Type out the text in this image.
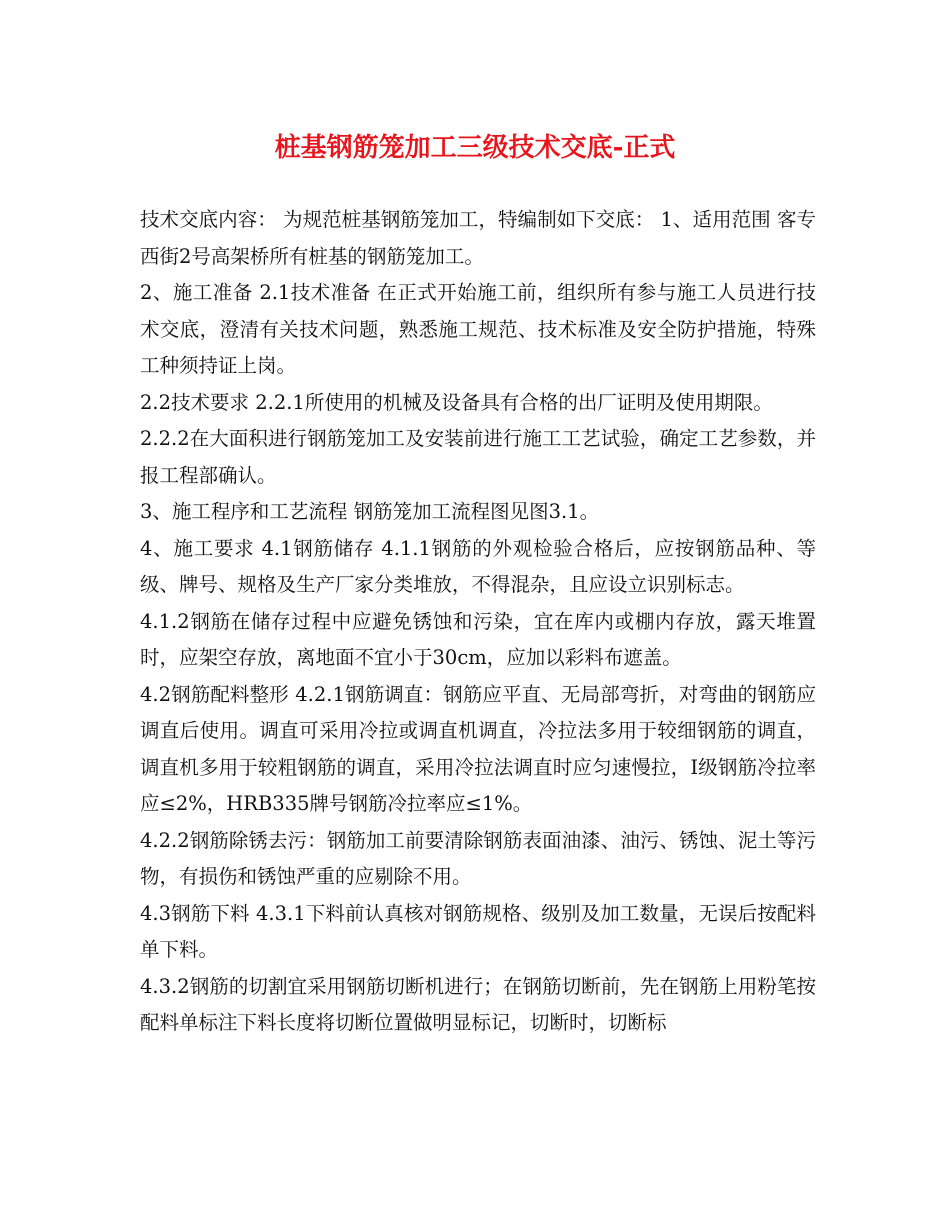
桩基钢筋笼加工三级技术交底-正式

技术交底内容： 为规范桩基钢筋笼加工，特编制如下交底： 1、适用范围 客专西街2号高架桥所有桩基的钢筋笼加工。

2、施工准备 2.1技术准备 在正式开始施工前，组织所有参与施工人员进行技术交底，澄清有关技术问题，熟悉施工规范、技术标准及安全防护措施，特殊工种须持证上岗。

2.2技术要求 2.2.1所使用的机械及设备具有合格的出厂证明及使用期限。

2.2.2在大面积进行钢筋笼加工及安装前进行施工工艺试验，确定工艺参数，并报工程部确认。

3、施工程序和工艺流程 钢筋笼加工流程图见图3.1。

4、施工要求 4.1钢筋储存 4.1.1钢筋的外观检验合格后，应按钢筋品种、等级、牌号、规格及生产厂家分类堆放，不得混杂，且应设立识别标志。

4.1.2钢筋在储存过程中应避免锈蚀和污染，宜在库内或棚内存放，露天堆置时，应架空存放，离地面不宜小于30cm，应加以彩料布遮盖。

4.2钢筋配料整形 4.2.1钢筋调直：钢筋应平直、无局部弯折，对弯曲的钢筋应调直后使用。调直可采用冷拉或调直机调直，冷拉法多用于较细钢筋的调直，调直机多用于较粗钢筋的调直，采用冷拉法调直时应匀速慢拉，Ⅰ级钢筋冷拉率应≤2%，HRB335牌号钢筋冷拉率应≤1%。

4.2.2钢筋除锈去污：钢筋加工前要清除钢筋表面油漆、油污、锈蚀、泥土等污物，有损伤和锈蚀严重的应剔除不用。

4.3钢筋下料 4.3.1下料前认真核对钢筋规格、级别及加工数量，无误后按配料单下料。

4.3.2钢筋的切割宜采用钢筋切断机进行；在钢筋切断前，先在钢筋上用粉笔按配料单标注下料长度将切断位置做明显标记，切断时，切断标
